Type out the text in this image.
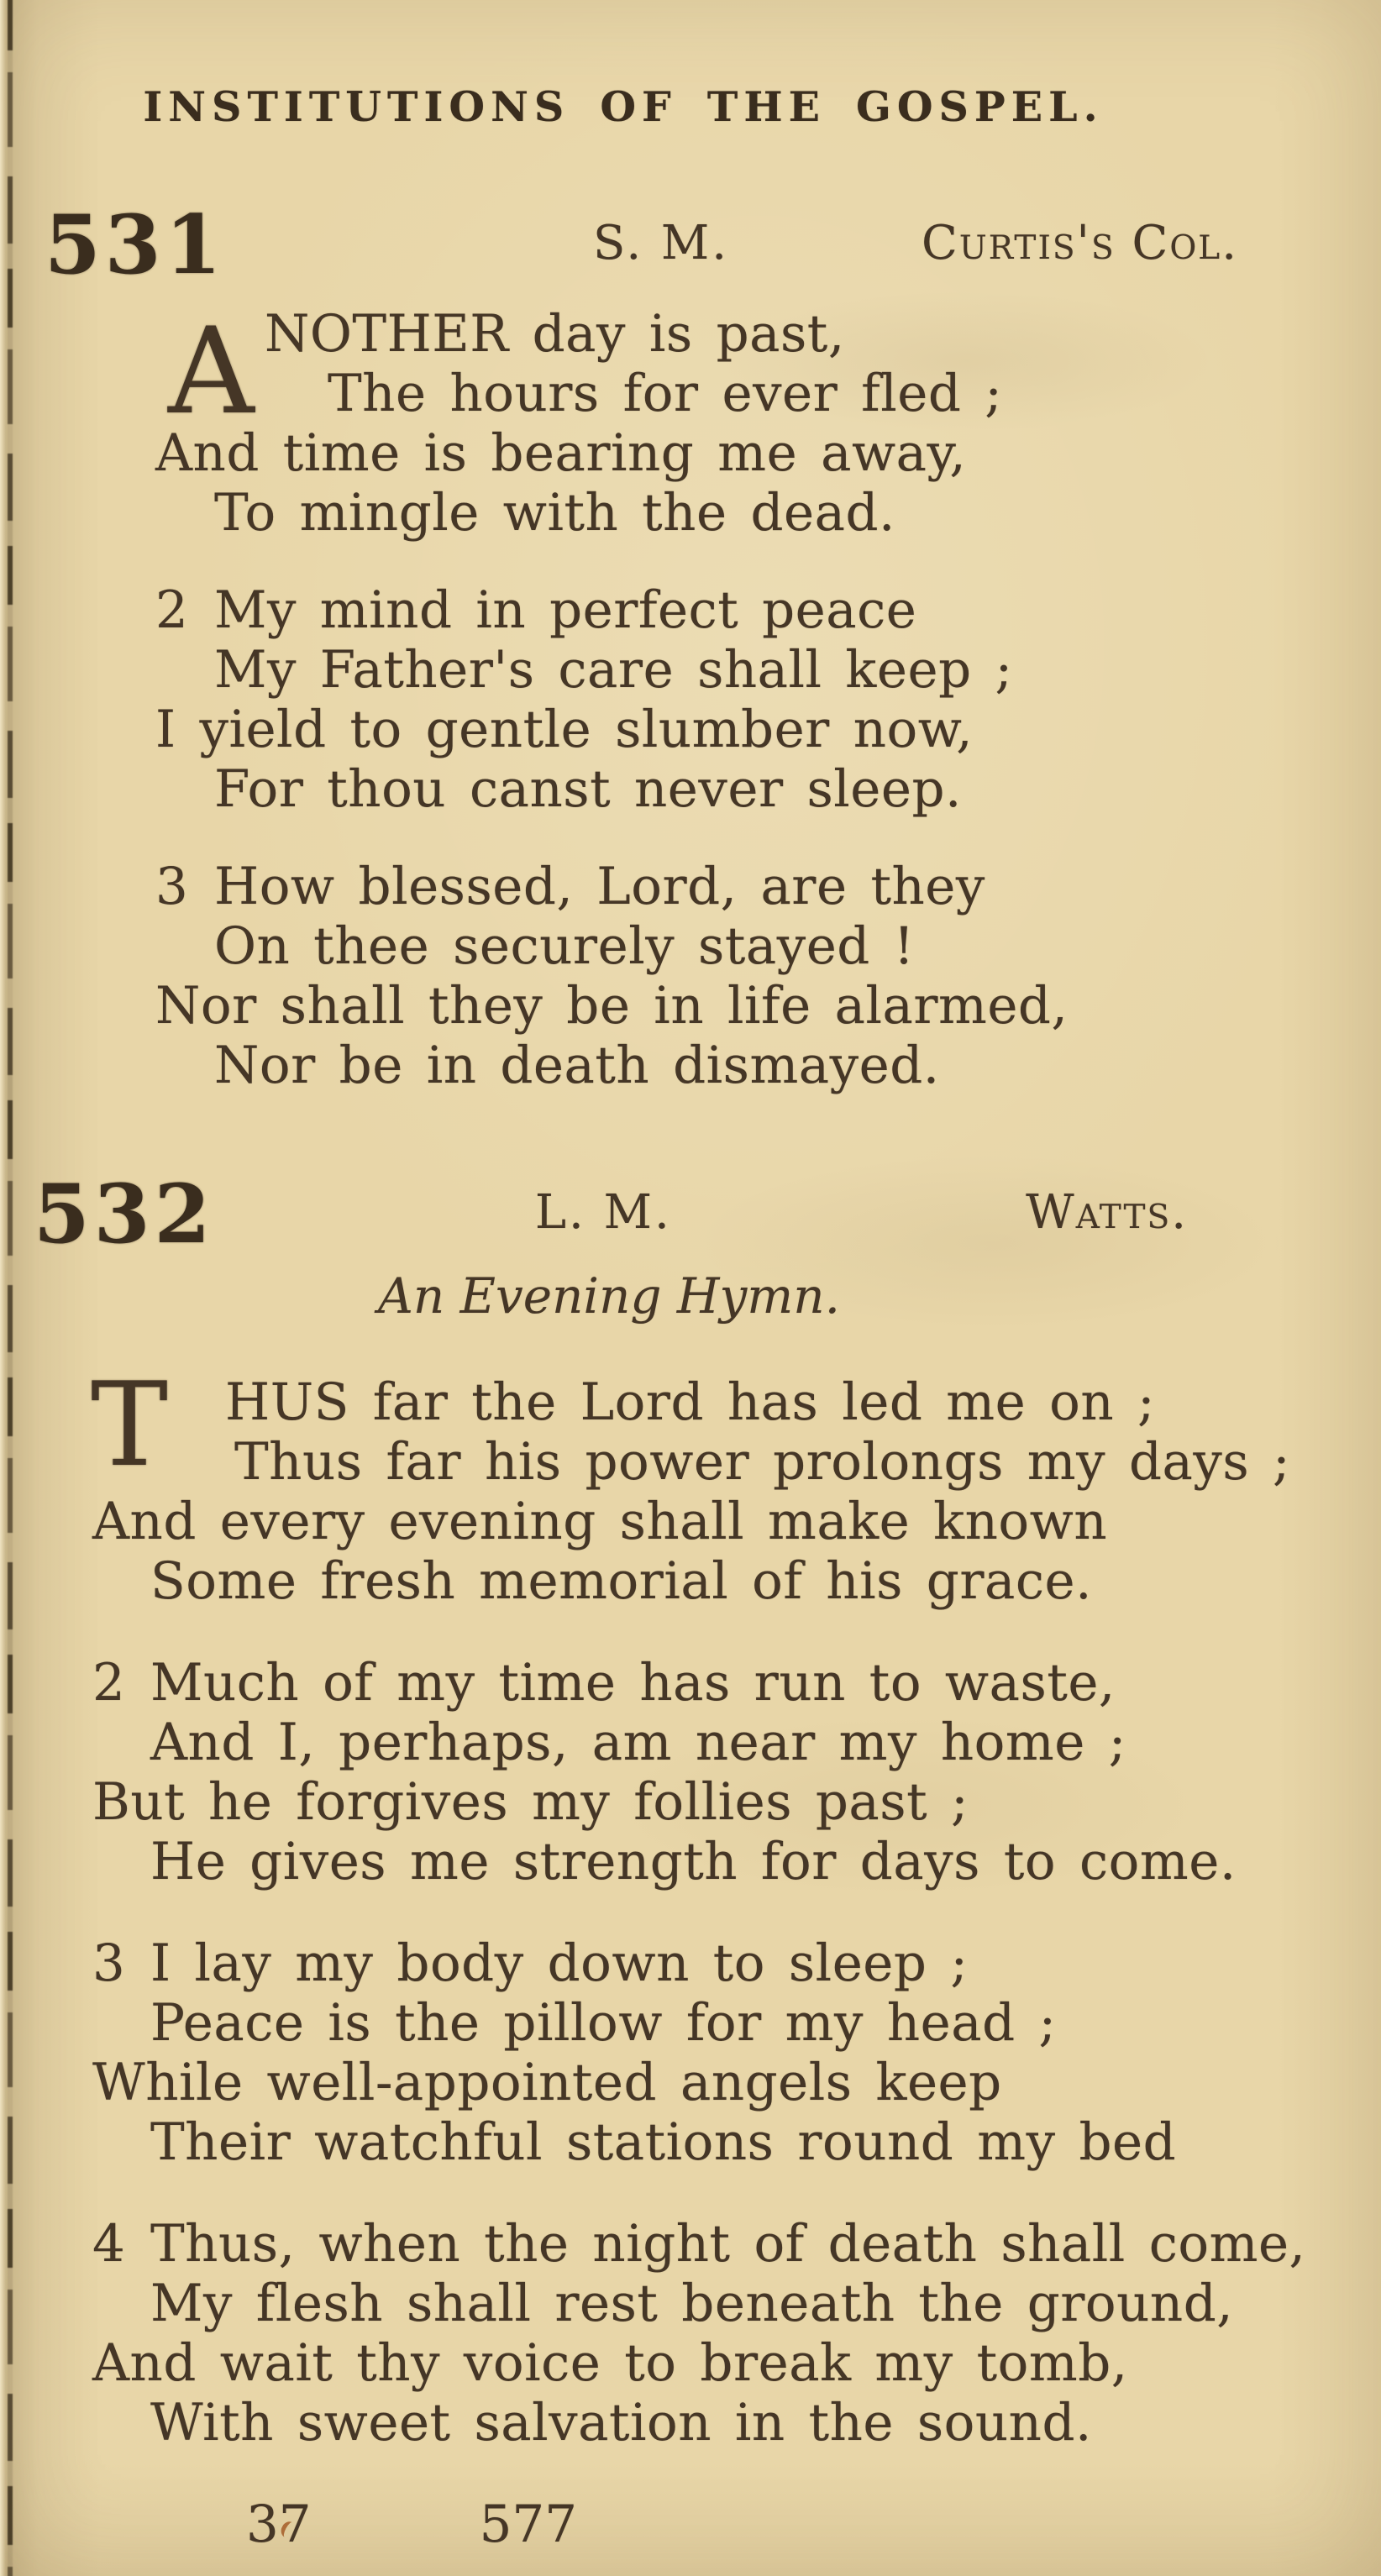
INSTITUTIONS OF THE GOSPEL.
531	S. M.	Curtis's Col.
A NOTHER day is past,
The hours for ever fled ;
And time is bearing me away,
To mingle with the dead.
2 My mind in perfect peace
My Father's care shall keep ;
I yield to gentle slumber now,
For thou canst never sleep.
3 How blessed, Lord, are they
On thee securely stayed !
Nor shall they be in life alarmed,
Nor be in death dismayed.
532	L. M.	Watts.
An Evening Hymn.
T HUS far the Lord has led me on ;
Thus far his power prolongs my days ;
And every evening shall make known
Some fresh memorial of his grace.
2 Much of my time has run to waste,
And I, perhaps, am near my home ;
But he forgives my follies past ;
He gives me strength for days to come.
3 I lay my body down to sleep ;
Peace is the pillow for my head ;
While well-appointed angels keep
Their watchful stations round my bed
4 Thus, when the night of death shall come,
My flesh shall rest beneath the ground,
And wait thy voice to break my tomb,
With sweet salvation in the sound.
37	577
